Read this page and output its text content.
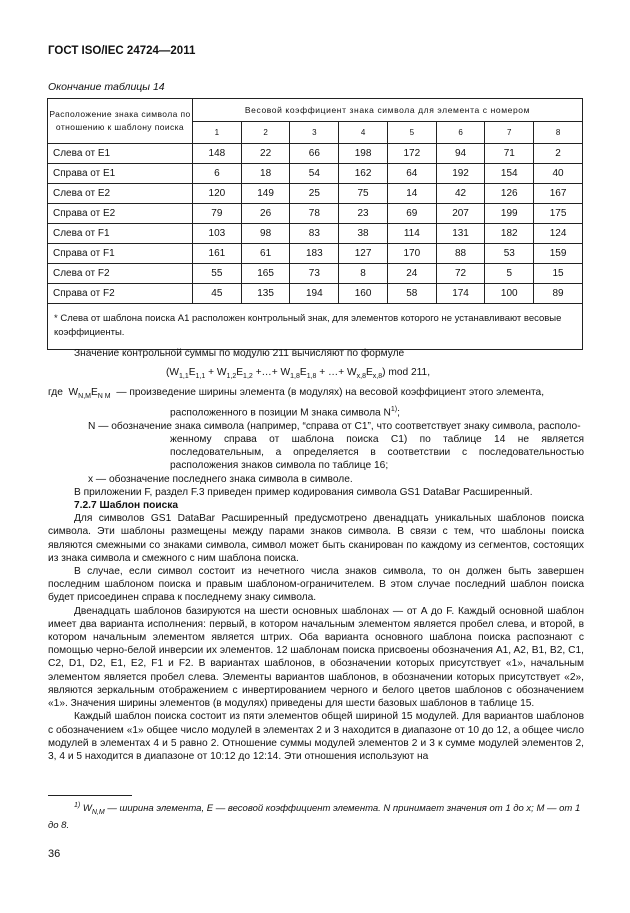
ГОСТ ISO/IEC 24724—2011
Окончание таблицы 14
Расположение знака символа по отношению к шаблону поиска	Весовой коэффициент знака символа для элемента с номером							
	1	2	3	4	5	6	7	8
Слева от E1	148	22	66	198	172	94	71	2
Справа от E1	6	18	54	162	64	192	154	40
Слева от E2	120	149	25	75	14	42	126	167
Справа от E2	79	26	78	23	69	207	199	175
Слева от F1	103	98	83	38	114	131	182	124
Справа от F1	161	61	183	127	170	88	53	159
Слева от F2	55	165	73	8	24	72	5	15
Справа от F2	45	135	194	160	58	174	100	89
* Слева от шаблона поиска A1 расположен контрольный знак, для элементов которого не устанавливают весовые коэффициенты.								
Значение контрольной суммы по модулю 211 вычисляют по формуле
($W_{1,1}E_{1,1} + W_{1,2}E_{1,2}$ +…+ $W_{1,8}E_{1,8}$ + …+ $W_{x,8}E_{x,8}$) mod 211,

где  $W_{N,M}E_{N M}$ — произведение ширины элемента (в модулях) на весовой коэффициент этого элемента,

расположенного в позиции M знака символа $N^{1)}$;

N — обозначение знака символа (например, “справа от C1”, что соответствует знаку символа, располо-

женному справа от шаблона поиска C1) по таблице 14 не является последовательным, а определяется в соответствии с последовательностью расположения знаков символа по таблице 16;

x — обозначение последнего знака символа в символе.

В приложении F, раздел F.3 приведен пример кодирования символа GS1 DataBar Расширенный.

7.2.7 Шаблон поиска

Для символов GS1 DataBar Расширенный предусмотрено двенадцать уникальных шаблонов поиска символа. Эти шаблоны размещены между парами знаков символа. В связи с тем, что шаблоны поиска являются смежными со знаками символа, символ может быть сканирован по каждому из сегментов, состоящих из знака символа и смежного с ним шаблона поиска.

В случае, если символ состоит из нечетного числа знаков символа, то он должен быть завершен последним шаблоном поиска и правым шаблоном-ограничителем. В этом случае последний шаблон поиска будет присоединен справа к последнему знаку символа.

Двенадцать шаблонов базируются на шести основных шаблонах — от A до F. Каждый основной шаблон имеет два варианта исполнения: первый, в котором начальным элементом является пробел слева, и второй, в котором начальным элементом является штрих. Оба варианта основного шаблона поиска распознают с помощью черно-белой инверсии их элементов. 12 шаблонам поиска присвоены обозначения A1, A2, B1, B2, C1, C2, D1, D2, E1, E2, F1 и F2. В вариантах шаблонов, в обозначении которых присутствует «1», начальным элементом является пробел слева. Элементы вариантов шаблонов, в обозначении которых присутствует «2», являются зеркальным отображением с инвертированием черного и белого цветов шаблонов с обозначением «1». Значения ширины элементов (в модулях) приведены для шести базовых шаблонов в таблице 15.

Каждый шаблон поиска состоит из пяти элементов общей шириной 15 модулей. Для вариантов шаблонов с обозначением «1» общее число модулей в элементах 2 и 3 находится в диапазоне от 10 до 12, а общее число модулей в элементах 4 и 5 равно 2. Отношение суммы модулей элементов 2 и 3 к сумме модулей элементов 2, 3, 4 и 5 находится в диапазоне от 10:12 до 12:14. Эти отношения используют на

$^{1)}$ $W_{N,M}$ — ширина элемента, E — весовой коэффициент элемента. N принимает значения от 1 до x; M — от 1 до 8.
36
